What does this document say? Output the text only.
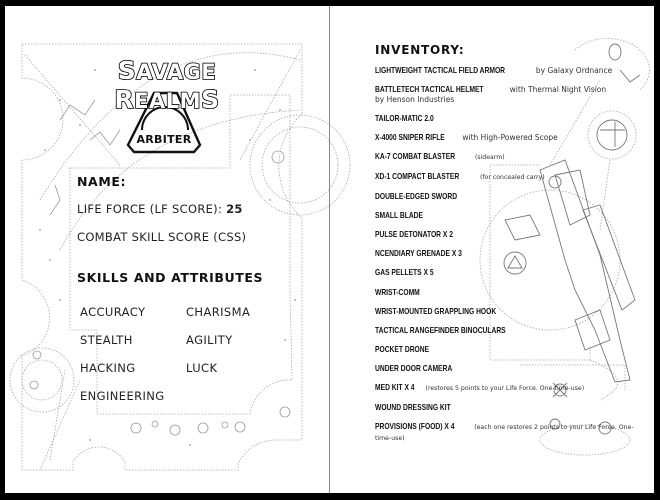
SAVAGE REALMS
ARBITER
NAME:
LIFE FORCE (LF SCORE): 25
COMBAT SKILL SCORE (CSS)
SKILLS AND ATTRIBUTES
ACCURACY	CHARISMA
STEALTH	AGILITY
HACKING	LUCK
ENGINEERING
INVENTORY:
LIGHTWEIGHT TACTICAL FIELD ARMOR	by Galaxy Ordnance
BATTLETECH TACTICAL HELMET	with Thermal Night Vision by Henson Industries
TAILOR-MATIC 2.0
X-4000 SNIPER RIFLE with High-Powered Scope
KA-7 COMBAT BLASTER	(sidearm)
XD-1 COMPACT BLASTER	(for concealed carry)
DOUBLE-EDGED SWORD
SMALL BLADE
PULSE DETONATOR X 2
NCENDIARY GRENADE X 3
GAS PELLETS X 5
WRIST-COMM
WRIST-MOUNTED GRAPPLING HOOK
TACTICAL RANGEFINDER BINOCULARS
POCKET DRONE
UNDER DOOR CAMERA
MED KIT X 4 (restores 5 points to your Life Force. One-time-use)
WOUND DRESSING KIT
PROVISIONS (FOOD) X 4	(each one restores 2 points to your Life Force. One-time-use)
